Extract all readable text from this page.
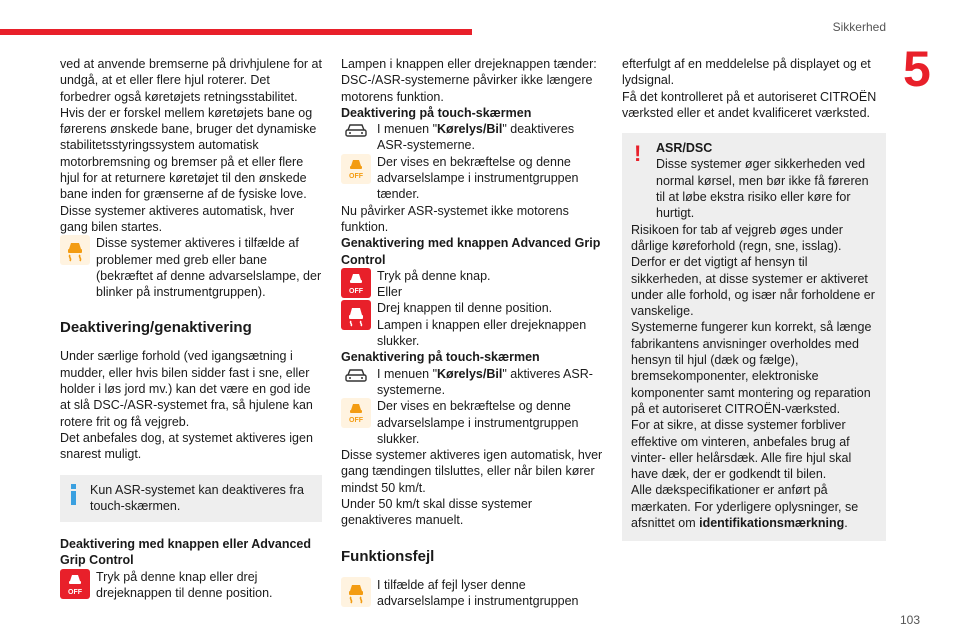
Sikkerhed
5
103

ved at anvende bremserne på drivhjulene for at undgå, at et eller flere hjul roterer. Det forbedrer også køretøjets retningsstabilitet.

Hvis der er forskel mellem køretøjets bane og førerens ønskede bane, bruger det dynamiske stabilitetsstyringssystem automatisk motorbremsning og bremser på et eller flere hjul for at returnere køretøjet til den ønskede bane inden for grænserne af de fysiske love.

Disse systemer aktiveres automatisk, hver gang bilen startes.

Disse systemer aktiveres i tilfælde af problemer med greb eller bane (bekræftet af denne advarselslampe, der blinker på instrumentgruppen).
Deaktivering/genaktivering

Under særlige forhold (ved igangsætning i mudder, eller hvis bilen sidder fast i sne, eller holder i løs jord mv.) kan det være en god ide at slå DSC-/ASR-systemet fra, så hjulene kan rotere frit og få vejgreb.

Det anbefales dog, at systemet aktiveres igen snarest muligt.

Kun ASR-systemet kan deaktiveres fra touch-skærmen.

Deaktivering med knappen eller Advanced Grip Control

OFF
Tryk på denne knap eller drej drejeknappen til denne position.

Lampen i knappen eller drejeknappen tænder: DSC-/ASR-systemerne påvirker ikke længere motorens funktion.

Deaktivering på touch-skærmen

I menuen "Kørelys/Bil" deaktiveres ASR-systemerne.
OFF
Der vises en bekræftelse og denne advarselslampe i instrumentgruppen tænder.

Nu påvirker ASR-systemet ikke motorens funktion.

Genaktivering med knappen Advanced Grip Control

OFF
Tryk på denne knap.
Eller
Drej knappen til denne position.
Lampen i knappen eller drejeknappen slukker.

Genaktivering på touch-skærmen

I menuen "Kørelys/Bil" aktiveres ASR-systemerne.
OFF
Der vises en bekræftelse og denne advarselslampe i instrumentgruppen slukker.

Disse systemer aktiveres igen automatisk, hver gang tændingen tilsluttes, eller når bilen kører mindst 50 km/t.

Under 50 km/t skal disse systemer genaktiveres manuelt.

Funktionsfejl
I tilfælde af fejl lyser denne advarselslampe i instrumentgruppen

efterfulgt af en meddelelse på displayet og et lydsignal.

Få det kontrolleret på et autoriseret CITROËN værksted eller et andet kvalificeret værksted.

!	ASR/DSC
Disse systemer øger sikkerheden ved normal kørsel, men bør ikke få føreren til at løbe ekstra risiko eller køre for hurtigt.
Risikoen for tab af vejgreb øges under dårlige køreforhold (regn, sne, isslag). Derfor er det vigtigt af hensyn til sikkerheden, at disse systemer er aktiveret under alle forhold, og især når forholdene er vanskelige.
Systemerne fungerer kun korrekt, så længe fabrikantens anvisninger overholdes med hensyn til hjul (dæk og fælge), bremsekomponenter, elektroniske komponenter samt montering og reparation på et autoriseret CITROËN-værksted.
For at sikre, at disse systemer forbliver effektive om vinteren, anbefales brug af vinter- eller helårsdæk. Alle fire hjul skal have dæk, der er godkendt til bilen.
Alle dækspecifikationer er anført på mærkaten. For yderligere oplysninger, se afsnittet om identifikationsmærkning.
